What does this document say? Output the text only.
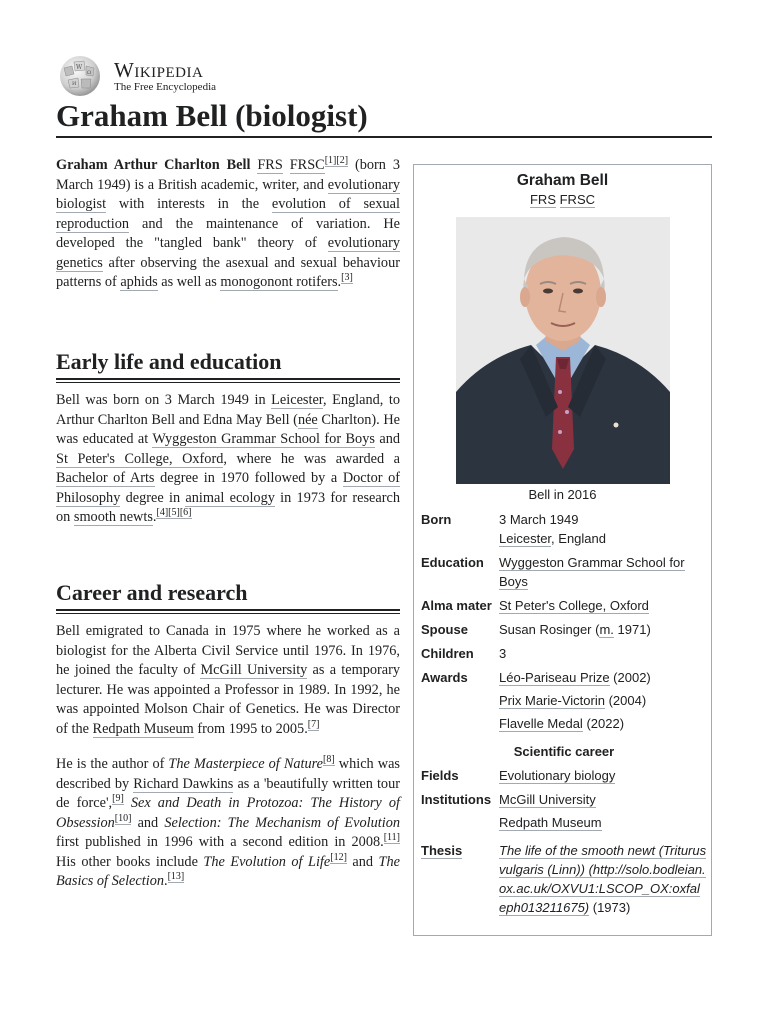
W
Ω
И
Wikipedia
The Free Encyclopedia
Graham Bell (biologist)

Graham Arthur Charlton Bell FRS FRSC[1][2] (born 3 March 1949) is a British academic, writer, and evolutionary biologist with interests in the evolution of sexual reproduction and the maintenance of variation. He developed the "tangled bank" theory of evolutionary genetics after observing the asexual and sexual behaviour patterns of aphids as well as monogonont rotifers.[3]

Early life and education

Bell was born on 3 March 1949 in Leicester, England, to Arthur Charlton Bell and Edna May Bell (née Charlton). He was educated at Wyggeston Grammar School for Boys and St Peter's College, Oxford, where he was awarded a Bachelor of Arts degree in 1970 followed by a Doctor of Philosophy degree in animal ecology in 1973 for research on smooth newts.[4][5][6]

Career and research

Bell emigrated to Canada in 1975 where he worked as a biologist for the Alberta Civil Service until 1976. In 1976, he joined the faculty of McGill University as a temporary lecturer. He was appointed a Professor in 1989. In 1992, he was appointed Molson Chair of Genetics. He was Director of the Redpath Museum from 1995 to 2005.[7]

He is the author of The Masterpiece of Nature[8] which was described by Richard Dawkins as a 'beautifully written tour de force',[9] Sex and Death in Protozoa: The History of Obsession[10] and Selection: The Mechanism of Evolution first published in 1996 with a second edition in 2008.[11] His other books include The Evolution of Life[12] and The Basics of Selection.[13]

Graham Bell
FRS FRSC
Bell in 2016
Born	3 March 1949
Leicester, England
Education	Wyggeston Grammar School for Boys
Alma mater	St Peter's College, Oxford
Spouse	Susan Rosinger (m. 1971)
Children	3
Awards	Léo-Pariseau Prize (2002)
Prix Marie-Victorin (2004)
Flavelle Medal (2022)

Scientific career	
Fields	Evolutionary biology
Institutions	McGill University
Redpath Museum

Thesis	The life of the smooth newt (Triturus vulgaris (Linn)) (http://solo.bodleian.ox.ac.uk/OXVU1:LSCOP_OX:oxfaleph013211675) (1973)
